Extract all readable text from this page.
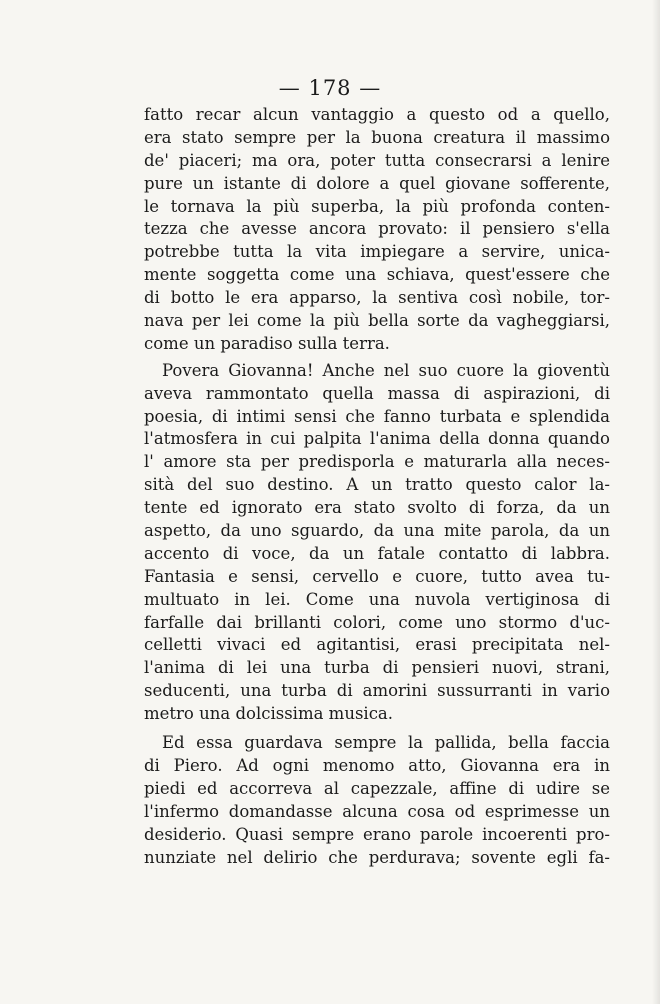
— 178 —
fatto recar alcun vantaggio a questo od a quello,
era stato sempre per la buona creatura il massimo
de' piaceri; ma ora, poter tutta consecrarsi a lenire
pure un istante di dolore a quel giovane sofferente,
le tornava la più superba, la più profonda conten-
tezza che avesse ancora provato: il pensiero s'ella
potrebbe tutta la vita impiegare a servire, unica-
mente soggetta come una schiava, quest'essere che
di botto le era apparso, la sentiva così nobile, tor-
nava per lei come la più bella sorte da vagheggiarsi,
come un paradiso sulla terra.
Povera Giovanna! Anche nel suo cuore la gioventù
aveva rammontato quella massa di aspirazioni, di
poesia, di intimi sensi che fanno turbata e splendida
l'atmosfera in cui palpita l'anima della donna quando
l' amore sta per predisporla e maturarla alla neces-
sità del suo destino. A un tratto questo calor la-
tente ed ignorato era stato svolto di forza, da un
aspetto, da uno sguardo, da una mite parola, da un
accento di voce, da un fatale contatto di labbra.
Fantasia e sensi, cervello e cuore, tutto avea tu-
multuato in lei. Come una nuvola vertiginosa di
farfalle dai brillanti colori, come uno stormo d'uc-
celletti vivaci ed agitantisi, erasi precipitata nel-
l'anima di lei una turba di pensieri nuovi, strani,
seducenti, una turba di amorini sussurranti in vario
metro una dolcissima musica.
Ed essa guardava sempre la pallida, bella faccia
di Piero. Ad ogni menomo atto, Giovanna era in
piedi ed accorreva al capezzale, affine di udire se
l'infermo domandasse alcuna cosa od esprimesse un
desiderio. Quasi sempre erano parole incoerenti pro-
nunziate nel delirio che perdurava; sovente egli fa-
